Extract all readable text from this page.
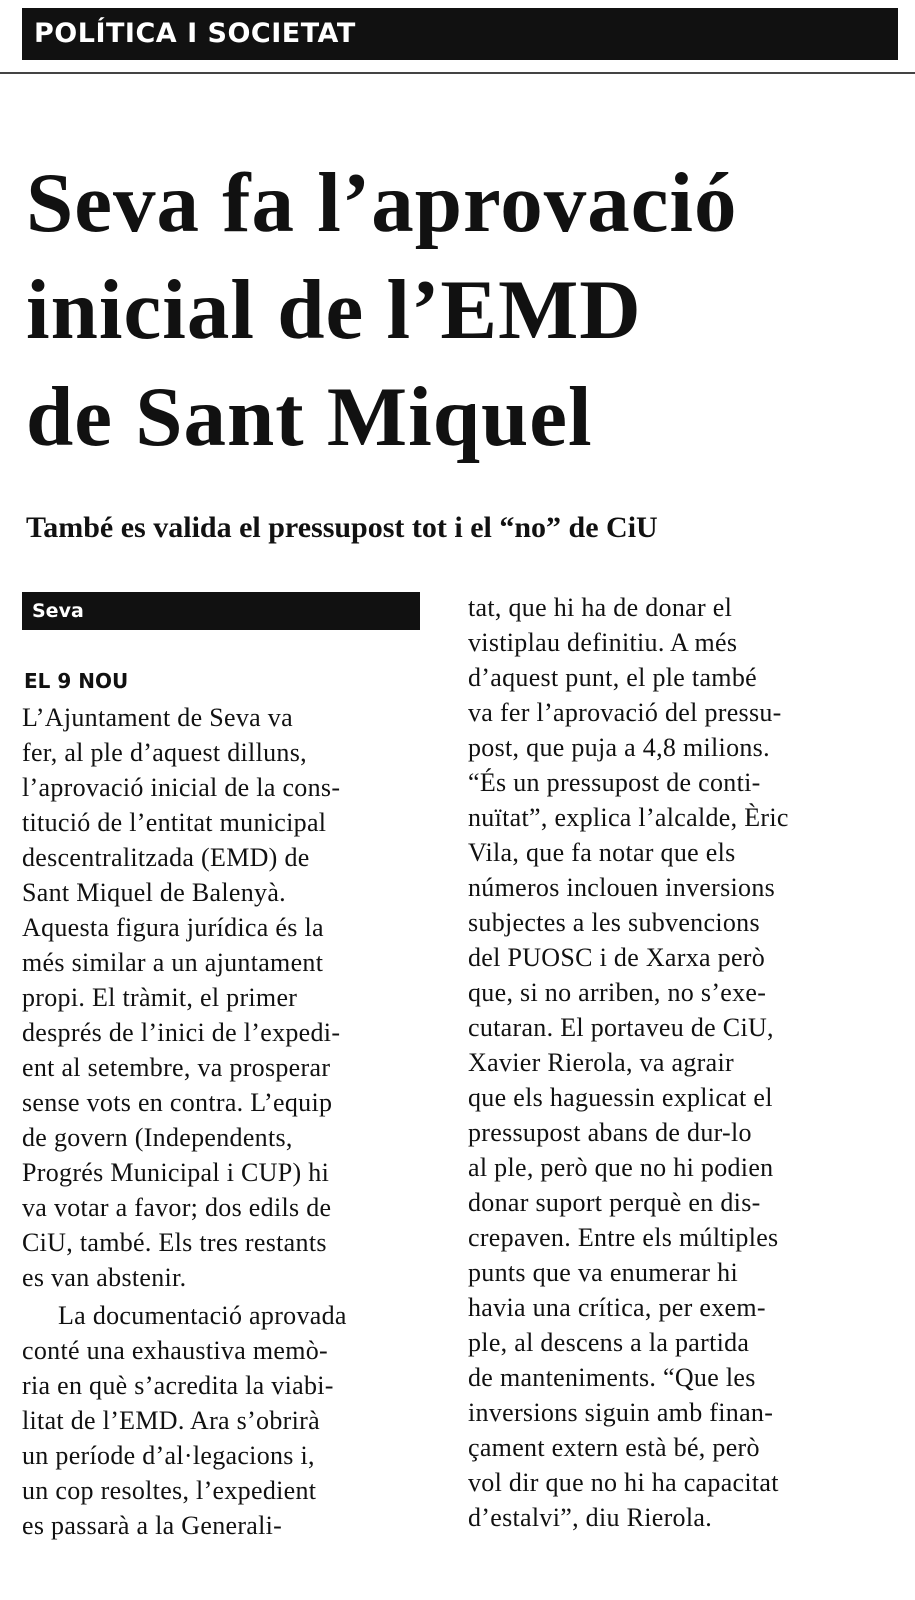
POLÍTICA I SOCIETAT
Seva fa l’aprovació
inicial de l’EMD
de Sant Miquel
També es valida el pressupost tot i el “no” de CiU
Seva
EL 9 NOU
L’Ajuntament de Seva va
fer, al ple d’aquest dilluns,
l’aprovació inicial de la cons-
titució de l’entitat municipal
descentralitzada (EMD) de
Sant Miquel de Balenyà.
Aquesta figura jurídica és la
més similar a un ajuntament
propi. El tràmit, el primer
després de l’inici de l’expedi-
ent al setembre, va prosperar
sense vots en contra. L’equip
de govern (Independents,
Progrés Municipal i CUP) hi
va votar a favor; dos edils de
CiU, també. Els tres restants
es van abstenir.
La documentació aprovada
conté una exhaustiva memò-
ria en què s’acredita la viabi-
litat de l’EMD. Ara s’obrirà
un període d’al·legacions i,
un cop resoltes, l’expedient
es passarà a la Generali-
tat, que hi ha de donar el
vistiplau definitiu. A més
d’aquest punt, el ple també
va fer l’aprovació del pressu-
post, que puja a 4,8 milions.
“És un pressupost de conti-
nuïtat”, explica l’alcalde, Èric
Vila, que fa notar que els
números inclouen inversions
subjectes a les subvencions
del PUOSC i de Xarxa però
que, si no arriben, no s’exe-
cutaran. El portaveu de CiU,
Xavier Rierola, va agrair
que els haguessin explicat el
pressupost abans de dur-lo
al ple, però que no hi podien
donar suport perquè en dis-
crepaven. Entre els múltiples
punts que va enumerar hi
havia una crítica, per exem-
ple, al descens a la partida
de manteniments. “Que les
inversions siguin amb finan-
çament extern està bé, però
vol dir que no hi ha capacitat
d’estalvi”, diu Rierola.
